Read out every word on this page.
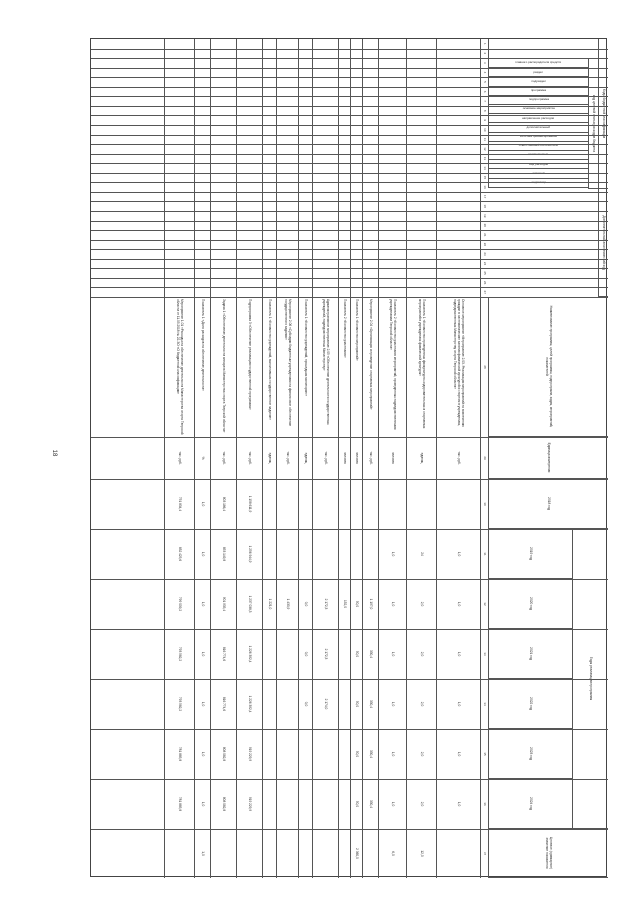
18
Коды бюджетной классификации
Дополнительный аналитический код
код целевой статьи расходов бюджета
Наименование программы, целей программы, подпрограмм, задач, мероприятий, показателей
Единица измерения
2018 год
Годы реализации программы
2019 год
2020 год
2021 год
2022 год
2023 год
2024 год
Целевое (суммарное) значение показателя
главного распорядителя средств
раздел
подраздел
программа
подпрограмма
основное мероприятие
направление расходов
дополнительный
источник финансирования
ответственный исполнитель
соисполнитель
вид расходов
источник
индикатор
1
2
3
4
5
6
7
8
9
10
11
12
13
14
15
16
17
18
19
20
21
22
23
24
25
26
27
28
29
30
31
32
33
34
35
36
37
Основное мероприятие «Мероприятие 2.03. Реализация мероприятий по вовлечению граждан в систематические занятия физической культурой и спортом в учреждениях, подведомственных Министерству спорта Тверской области»
тыс. руб.
1,0
1,0
1,0
1,0
1,0
1,0
Показатель 1 «Количество проведенных физкультурно-оздоровительных и спортивных мероприятий в учреждениях физической культуры»
единиц
24
2,0
2,0
2,0
2,0
2,0
12,0
Показатель 2 «Количество участников мероприятий, проведенных подведомственными учреждениями Тверской области»
человек
1,0
1,0
1,0
1,0
1,0
1,0
6,0
Мероприятие 2.04 «Организация и проведение спортивных мероприятий»
тыс. руб.
1 197,0
330,4
330,4
330,4
330,4
Показатель 1 «Количество мероприятий»
человек
50,0
50,0
50,0
50,0
50,0
2 360,0
Показатель 2 «Количество участников»
человек
152,0
Административное мероприятие 2.05 «Обеспечение деятельности государственных учреждений, подведомственных Министерству»
тыс. руб.
2 172,3
2 172,3
2 174,0
Показатель 1 «Количество учреждений, прошедших мониторинг»
единиц
0,0
0,0
0,0
Мероприятие 2.06 «Субсидии бюджетным учреждениям на финансовое обеспечение государственного задания»
тыс. руб.
1 430,9
Показатель 1 «Количество учреждений, выполнивших государственное задание»
единиц
1 221,0
Подпрограмма 3 «Обеспечение реализации государственной программы»
тыс. руб.
1 158 611,9
1 256 944,9
1 237 038,3
1 226 392,4
1 226 392,4
919 229,9
919 229,9
Задача 1 «Обеспечение деятельности аппарата Министерства спорта Тверской области»
тыс. руб.
803 186,4
853 149,8
901 935,4
816 774,6
816 774,6
808 082,8
808 082,8
Показатель 1 «Доля расходов на обеспечение деятельности»
%
1,0
1,0
1,0
1,0
1,0
1,0
1,0
1,0
Мероприятие 1.01 «Расходы на обеспечение деятельности Министерства спорта Тверской области от 11.05.2018 № 22-ЗО «О бюджетной классификации»
тыс. руб.
751 834,4
832 425,6
799 009,2
793 582,2
793 582,2
781 885,8
781 885,8
